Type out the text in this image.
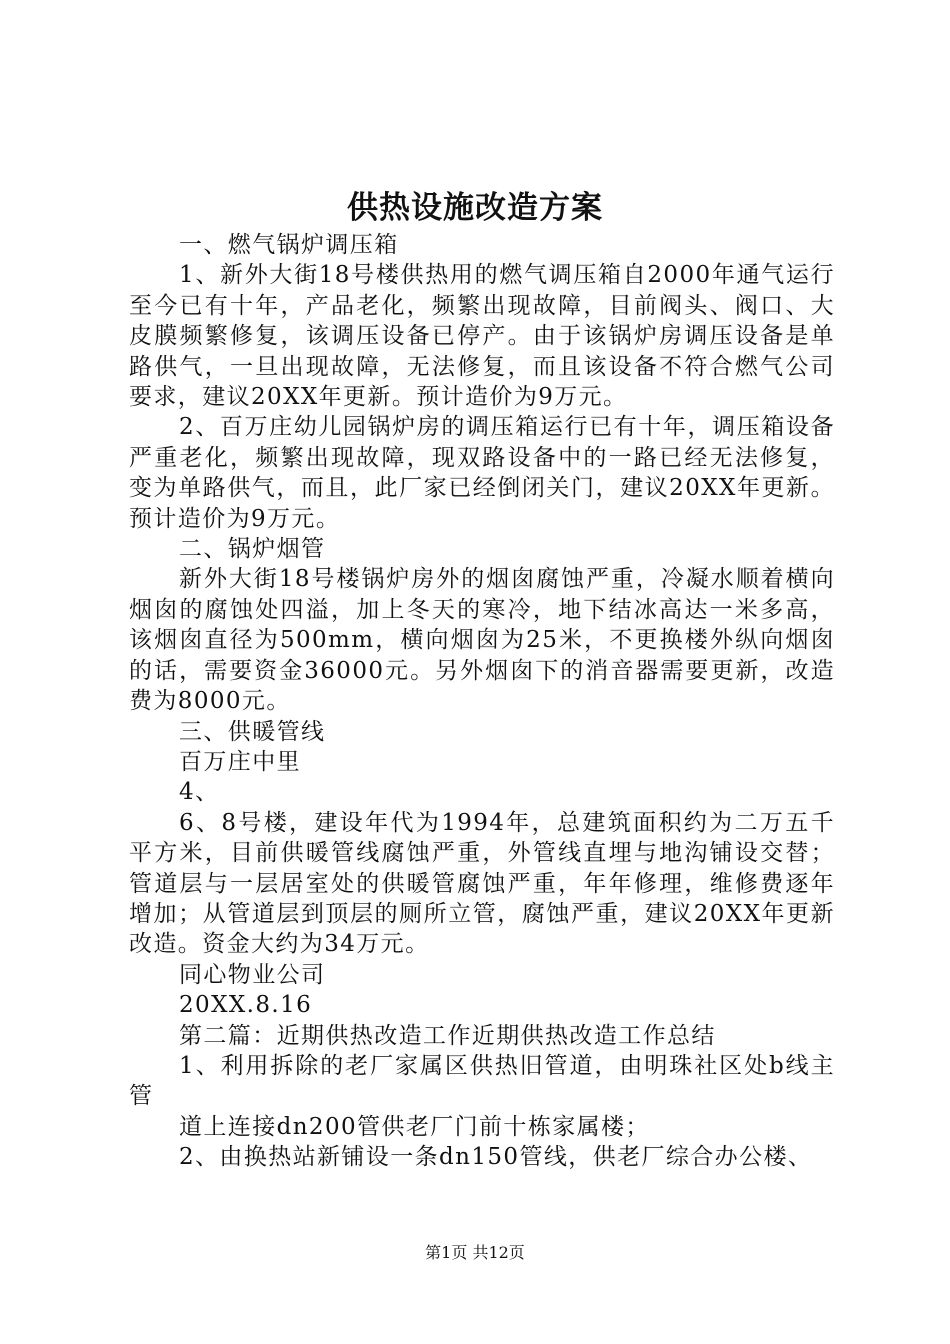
供热设施改造方案

一、燃气锅炉调压箱

1、新外大街18号楼供热用的燃气调压箱自2000年通气运行至今已有十年，产品老化，频繁出现故障，目前阀头、阀口、大皮膜频繁修复，该调压设备已停产。由于该锅炉房调压设备是单路供气，一旦出现故障，无法修复，而且该设备不符合燃气公司要求，建议20XX年更新。预计造价为9万元。

2、百万庄幼儿园锅炉房的调压箱运行已有十年，调压箱设备严重老化，频繁出现故障，现双路设备中的一路已经无法修复，变为单路供气，而且，此厂家已经倒闭关门，建议20XX年更新。预计造价为9万元。

二、锅炉烟管

新外大街18号楼锅炉房外的烟囱腐蚀严重，冷凝水顺着横向烟囱的腐蚀处四溢，加上冬天的寒冷，地下结冰高达一米多高，该烟囱直径为500mm，横向烟囱为25米，不更换楼外纵向烟囱的话，需要资金36000元。另外烟囱下的消音器需要更新，改造费为8000元。

三、供暖管线

百万庄中里

4、

6、8号楼，建设年代为1994年，总建筑面积约为二万五千平方米，目前供暖管线腐蚀严重，外管线直埋与地沟铺设交替；管道层与一层居室处的供暖管腐蚀严重，年年修理，维修费逐年增加；从管道层到顶层的厕所立管，腐蚀严重，建议20XX年更新改造。资金大约为34万元。

同心物业公司

20XX.8.16

第二篇：近期供热改造工作近期供热改造工作总结

1、利用拆除的老厂家属区供热旧管道，由明珠社区处b线主管

道上连接dn200管供老厂门前十栋家属楼；

2、由换热站新铺设一条dn150管线，供老厂综合办公楼、

第1页 共12页
